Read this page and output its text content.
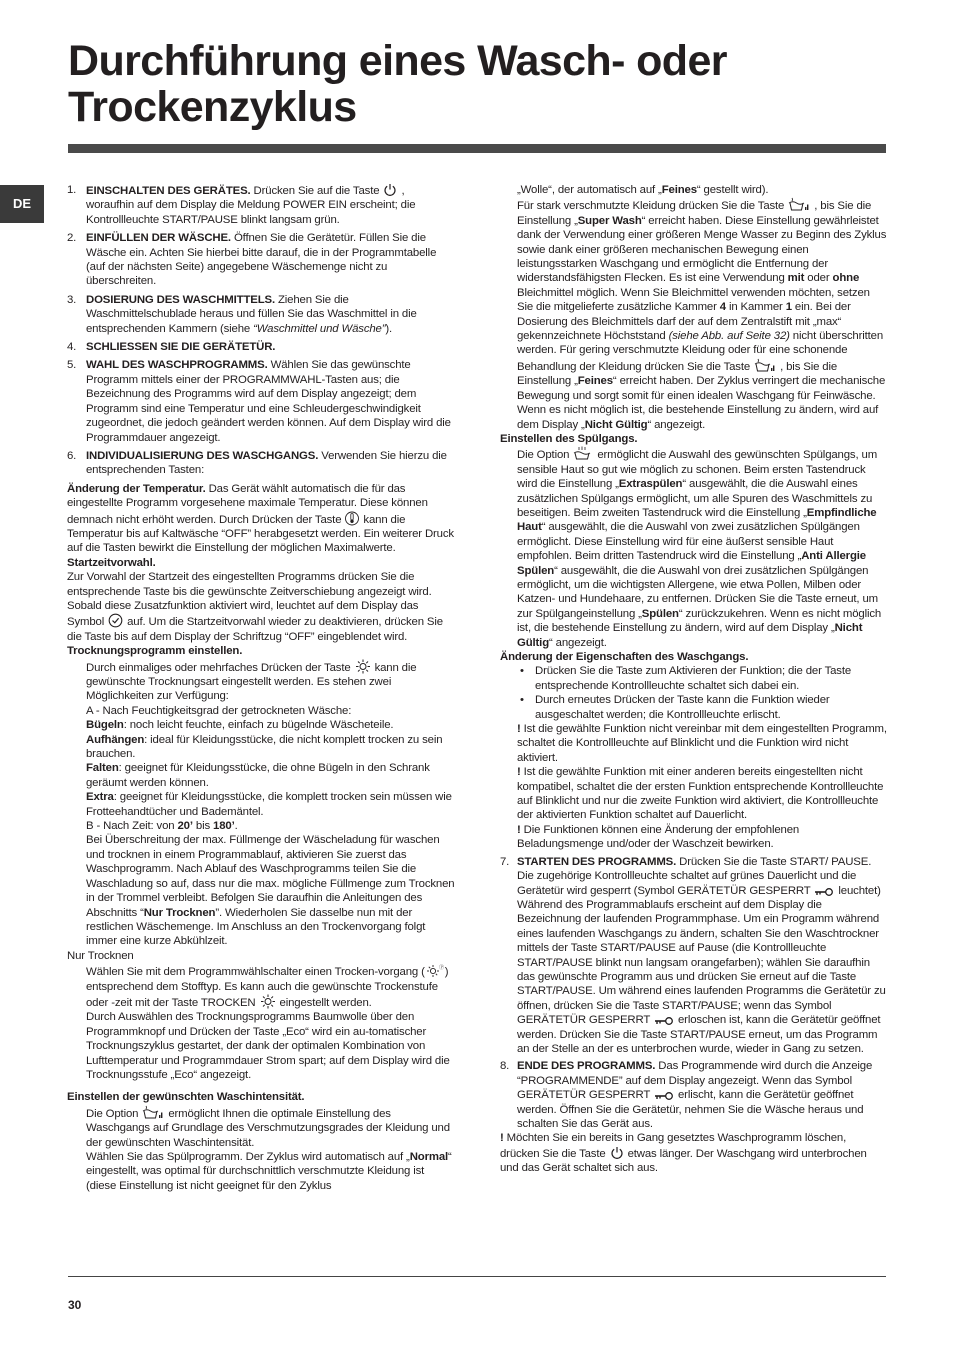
Durchführung eines Wasch- oder Trockenzyklus
DE
1. EINSCHALTEN DES GERÄTES. Drücken Sie auf die Taste , woraufhin auf dem Display die Meldung POWER EIN erscheint; die Kontrollleuchte START/PAUSE blinkt langsam grün.
2. EINFÜLLEN DER WÄSCHE. Öffnen Sie die Gerätetür. Füllen Sie die Wäsche ein. Achten Sie hierbei bitte darauf, die in der Programmtabelle (auf der nächsten Seite) angegebene Wäschemenge nicht zu überschreiten.
3. DOSIERUNG DES WASCHMITTELS. Ziehen Sie die Waschmittelschublade heraus und füllen Sie das Waschmittel in die entsprechenden Kammern (siehe “Waschmittel und Wäsche”).
4. SCHLIESSEN SIE DIE GERÄTETÜR.
5. WAHL DES WASCHPROGRAMMS. Wählen Sie das gewünschte Programm mittels einer der PROGRAMMWAHL-Tasten aus; die Bezeichnung des Programms wird auf dem Display angezeigt; dem Programm sind eine Temperatur und eine Schleudergeschwindigkeit zugeordnet, die jedoch geändert werden können. Auf dem Display wird die Programmdauer angezeigt.
6. INDIVIDUALISIERUNG DES WASCHGANGS. Verwenden Sie hierzu die entsprechenden Tasten:

Änderung der Temperatur. Das Gerät wählt automatisch die für das eingestellte Programm vorgesehene maximale Temperatur. Diese können demnach nicht erhöht werden. Durch Drücken der Taste kann die Temperatur bis auf Kaltwäsche “OFF” herabgesetzt werden. Ein weiterer Druck auf die Tasten bewirkt die Einstellung der möglichen Maximalwerte.

Startzeitvorwahl.

Zur Vorwahl der Startzeit des eingestellten Programms drücken Sie die entsprechende Taste bis die gewünschte Zeitverschiebung angezeigt wird. Sobald diese Zusatzfunktion aktiviert wird, leuchtet auf dem Display das Symbol auf. Um die Startzeitvorwahl wieder zu deaktivieren, drücken Sie die Taste bis auf dem Display der Schriftzug “OFF” eingeblendet wird.

Trocknungsprogramm einstellen.

Durch einmaliges oder mehrfaches Drücken der Taste kann die gewünschte Trocknungsart eingestellt werden. Es stehen zwei Möglichkeiten zur Verfügung:

A - Nach Feuchtigkeitsgrad der getrockneten Wäsche:

Bügeln: noch leicht feuchte, einfach zu bügelnde Wäscheteile.

Aufhängen: ideal für Kleidungsstücke, die nicht komplett trocken zu sein brauchen.

Falten: geeignet für Kleidungsstücke, die ohne Bügeln in den Schrank geräumt werden können.

Extra: geeignet für Kleidungsstücke, die komplett trocken sein müssen wie Frotteehandtücher und Bademäntel.

B - Nach Zeit: von 20’ bis 180’.

Bei Überschreitung der max. Füllmenge der Wäscheladung für waschen und trocknen in einem Programmablauf, aktivieren Sie zuerst das Waschprogramm. Nach Ablauf des Waschprogramms teilen Sie die Waschladung so auf, dass nur die max. mögliche Füllmenge zum Trocknen in der Trommel verbleibt. Befolgen Sie daraufhin die Anleitungen des Abschnitts “Nur Trocknen”. Wiederholen Sie dasselbe nun mit der restlichen Wäschemenge. Im Anschluss an den Trockenvorgang folgt immer eine kurze Abkühlzeit.

Nur Trocknen

Wählen Sie mit dem Programmwählschalter einen Trocken-vorgang (	Ⓟ ) entsprechend dem Stofftyp. Es kann auch die gewünschte Trockenstufe oder -zeit mit der Taste TROCKEN eingestellt werden.

Durch Auswählen des Trocknungsprogramms Baumwolle über den Programmknopf und Drücken der Taste „Eco“ wird ein au-tomatischer Trocknungszyklus gestartet, der dank der optimalen Kombination von Lufttemperatur und Programmdauer Strom spart; auf dem Display wird die Trocknungsstufe „Eco“ angezeigt.

Einstellen der gewünschten Waschintensität.

Die Option	ermöglicht Ihnen die optimale Einstellung des Waschgangs auf Grundlage des Verschmutzungsgrades der Kleidung und der gewünschten Waschintensität.

Wählen Sie das Spülprogramm. Der Zyklus wird automatisch auf „Normal“ eingestellt, was optimal für durchschnittlich verschmutzte Kleidung ist (diese Einstellung ist nicht geeignet für den Zyklus

„Wolle“, der automatisch auf „Feines“ gestellt wird).

Für stark verschmutzte Kleidung drücken Sie die Taste	, bis Sie die Einstellung „Super Wash“ erreicht haben. Diese Einstellung gewährleistet dank der Verwendung einer größeren Menge Wasser zu Beginn des Zyklus sowie dank einer größeren mechanischen Bewegung einen leistungsstarken Waschgang und ermöglicht die Entfernung der widerstandsfähigsten Flecken. Es ist eine Verwendung mit oder ohne Bleichmittel möglich. Wenn Sie Bleichmittel verwenden möchten, setzen Sie die mitgelieferte zusätzliche Kammer 4 in Kammer 1 ein. Bei der Dosierung des Bleichmittels darf der auf dem Zentralstift mit „max“ gekennzeichnete Höchststand (siehe Abb. auf Seite 32) nicht überschritten werden. Für gering verschmutzte Kleidung oder für eine schonende Behandlung der Kleidung drücken Sie die Taste	, bis Sie die Einstellung „Feines“ erreicht haben. Der Zyklus verringert die mechanische Bewegung und sorgt somit für einen idealen Waschgang für Feinwäsche. Wenn es nicht möglich ist, die bestehende Einstellung zu ändern, wird auf dem Display „Nicht Gültig“ angezeigt.

Einstellen des Spülgangs.

Die Option ermöglicht die Auswahl des gewünschten Spülgangs, um sensible Haut so gut wie möglich zu schonen. Beim ersten Tastendruck wird die Einstellung „Extraspülen“ ausgewählt, die die Auswahl eines zusätzlichen Spülgangs ermöglicht, um alle Spuren des Waschmittels zu beseitigen. Beim zweiten Tastendruck wird die Einstellung „Empfindliche Haut“ ausgewählt, die die Auswahl von zwei zusätzlichen Spülgängen ermöglicht. Diese Einstellung wird für eine äußerst sensible Haut empfohlen. Beim dritten Tastendruck wird die Einstellung „Anti Allergie Spülen“ ausgewählt, die die Auswahl von drei zusätzlichen Spülgängen ermöglicht, um die wichtigsten Allergene, wie etwa Pollen, Milben oder Katzen- und Hundehaare, zu entfernen. Drücken Sie die Taste erneut, um zur Spülgangeinstellung „Spülen“ zurückzukehren. Wenn es nicht möglich ist, die bestehende Einstellung zu ändern, wird auf dem Display „Nicht Gültig“ angezeigt.

Änderung der Eigenschaften des Waschgangs.

• Drücken Sie die Taste zum Aktivieren der Funktion; die der Taste entsprechende Kontrollleuchte schaltet sich dabei ein.
• Durch erneutes Drücken der Taste kann die Funktion wieder ausgeschaltet werden; die Kontrollleuchte erlischt.

! Ist die gewählte Funktion nicht vereinbar mit dem eingestellten Programm, schaltet die Kontrollleuchte auf Blinklicht und die Funktion wird nicht aktiviert.

! Ist die gewählte Funktion mit einer anderen bereits eingestellten nicht kompatibel, schaltet die der ersten Funktion entsprechende Kontrollleuchte auf Blinklicht und nur die zweite Funktion wird aktiviert, die Kontrollleuchte der aktivierten Funktion schaltet auf Dauerlicht.

! Die Funktionen können eine Änderung der empfohlenen Beladungsmenge und/oder der Waschzeit bewirken.

7. STARTEN DES PROGRAMMS. Drücken Sie die Taste START/ PAUSE. Die zugehörige Kontrollleuchte schaltet auf grünes Dauerlicht und die Gerätetür wird gesperrt (Symbol GERÄTETÜR GESPERRT leuchtet) Während des Programmablaufs erscheint auf dem Display die Bezeichnung der laufenden Programmphase. Um ein Programm während eines laufenden Waschgangs zu ändern, schalten Sie den Waschtrockner mittels der Taste START/PAUSE auf Pause (die Kontrollleuchte START/PAUSE blinkt nun langsam orangefarben); wählen Sie daraufhin das gewünschte Programm aus und drücken Sie erneut auf die Taste START/PAUSE. Um während eines laufenden Programms die Gerätetür zu öffnen, drücken Sie die Taste START/PAUSE; wenn das Symbol GERÄTETÜR GESPERRT erloschen ist, kann die Gerätetür geöffnet werden. Drücken Sie die Taste START/PAUSE erneut, um das Programm an der Stelle an der es unterbrochen wurde, wieder in Gang zu setzen.
8. ENDE DES PROGRAMMS. Das Programmende wird durch die Anzeige “PROGRAMMENDE” auf dem Display angezeigt. Wenn das Symbol GERÄTETÜR GESPERRT erlischt, kann die Gerätetür geöffnet werden. Öffnen Sie die Gerätetür, nehmen Sie die Wäsche heraus und schalten Sie das Gerät aus.

! Möchten Sie ein bereits in Gang gesetztes Waschprogramm löschen, drücken Sie die Taste etwas länger. Der Waschgang wird unterbrochen und das Gerät schaltet sich aus.

30
